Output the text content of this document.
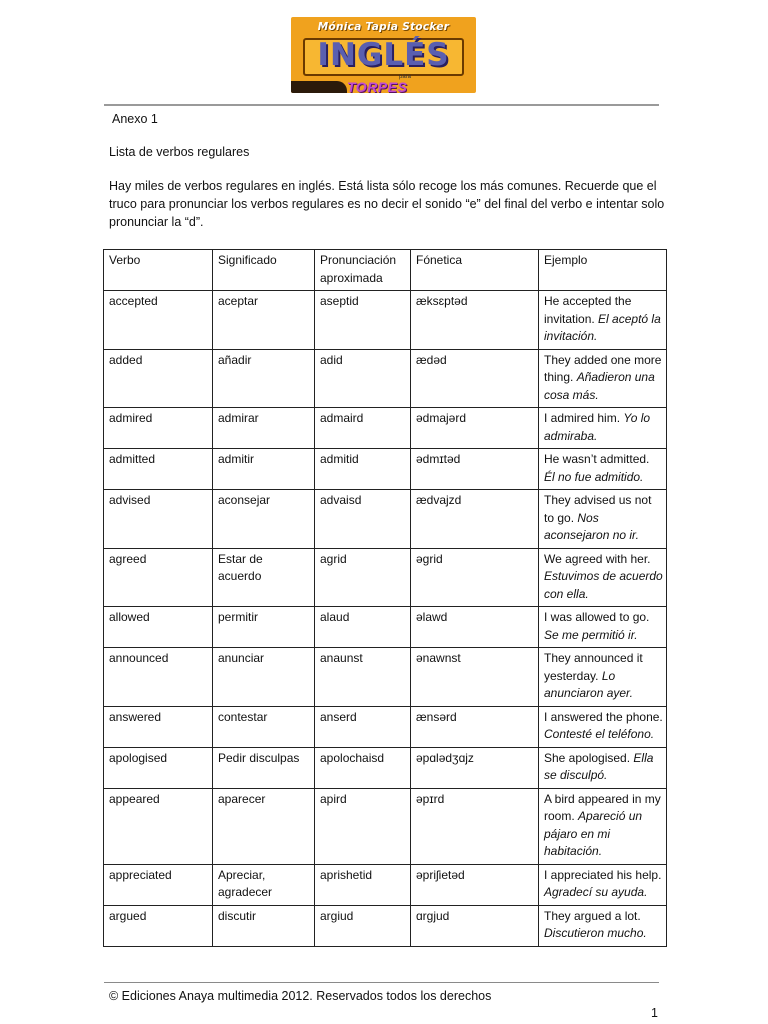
Mónica Tapia Stocker
INGLÉS
para
TORPES
Anexo 1
Lista de verbos regulares
Hay miles de verbos regulares en inglés. Está lista sólo recoge los más comunes. Recuerde que el truco para pronunciar los verbos regulares es no decir el sonido “e” del final del verbo e intentar solo pronunciar la “d”.
Verbo	Significado	Pronunciación aproximada	Fónetica	Ejemplo
accepted	aceptar	aseptid	æksɛptəd	He accepted the invitation. El aceptó la invitación.
added	añadir	adid	ædəd	They added one more thing. Añadieron una cosa más.
admired	admirar	admaird	ədmajərd	I admired him. Yo lo admiraba.
admitted	admitir	admitid	ədmɪtəd	He wasn’t admitted. Él no fue admitido.
advised	aconsejar	advaisd	ædvajzd	They advised us not to go. Nos aconsejaron no ir.
agreed	Estar de acuerdo	agrid	əgrid	We agreed with her. Estuvimos de acuerdo con ella.
allowed	permitir	alaud	əlawd	I was allowed to go. Se me permitió ir.
announced	anunciar	anaunst	ənawnst	They announced it yesterday. Lo anunciaron ayer.
answered	contestar	anserd	ænsərd	I answered the phone. Contesté el teléfono.
apologised	Pedir disculpas	apolochaisd	əpɑlədʒɑjz	She apologised. Ella se disculpó.
appeared	aparecer	apird	əpɪrd	A bird appeared in my room. Apareció un pájaro en mi habitación.
appreciated	Apreciar, agradecer	aprishetid	əpriʃietəd	I appreciated his help. Agradecí su ayuda.
argued	discutir	argiud	ɑrgjud	They argued a lot. Discutieron mucho.
© Ediciones Anaya multimedia 2012. Reservados todos los derechos
1
